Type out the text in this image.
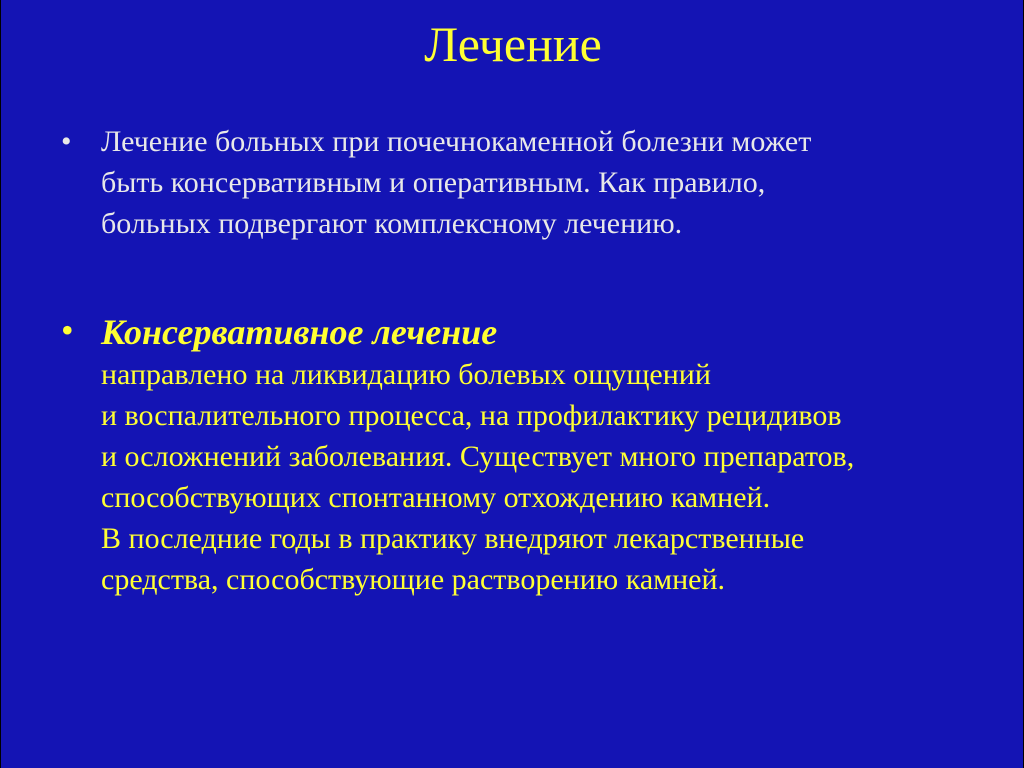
Лечение
• Лечение больных при почечнокаменной болезни может
быть консервативным и оперативным. Как правило,
больных подвергают комплексному лечению.
• Консервативное лечение
направлено на ликвидацию болевых ощущений
и воспалительного процесса, на профилактику рецидивов
и осложнений заболевания. Существует много препаратов,
способствующих спонтанному отхождению камней.
В последние годы в практику внедряют лекарственные
средства, способствующие растворению камней.
